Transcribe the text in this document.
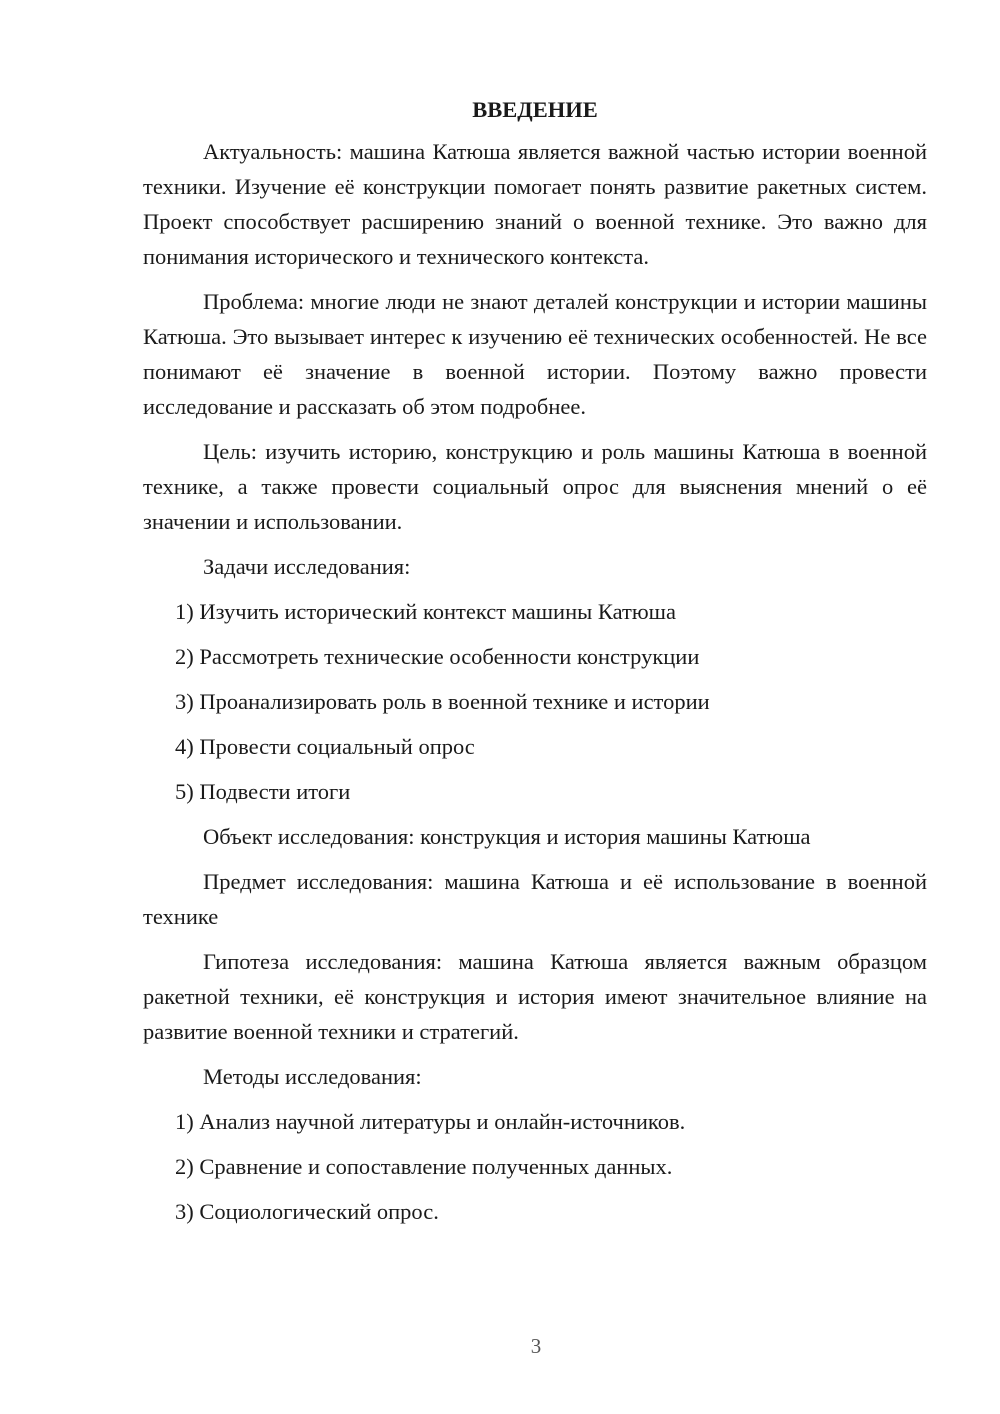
ВВЕДЕНИЕ

Актуальность: машина Катюша является важной частью истории военной техники. Изучение её конструкции помогает понять развитие ракетных систем. Проект способствует расширению знаний о военной технике. Это важно для понимания исторического и технического контекста.

Проблема: многие люди не знают деталей конструкции и истории машины Катюша. Это вызывает интерес к изучению её технических особенностей. Не все понимают её значение в военной истории. Поэтому важно провести исследование и рассказать об этом подробнее.

Цель: изучить историю, конструкцию и роль машины Катюша в военной технике, а также провести социальный опрос для выяснения мнений о её значении и использовании.

Задачи исследования:

1) Изучить исторический контекст машины Катюша

2) Рассмотреть технические особенности конструкции

3) Проанализировать роль в военной технике и истории

4) Провести социальный опрос

5) Подвести итоги

Объект исследования: конструкция и история машины Катюша

Предмет исследования: машина Катюша и её использование в военной технике

Гипотеза исследования: машина Катюша является важным образцом ракетной техники, её конструкция и история имеют значительное влияние на развитие военной техники и стратегий.

Методы исследования:

1) Анализ научной литературы и онлайн-источников.

2) Сравнение и сопоставление полученных данных.

3) Социологический опрос.

3
